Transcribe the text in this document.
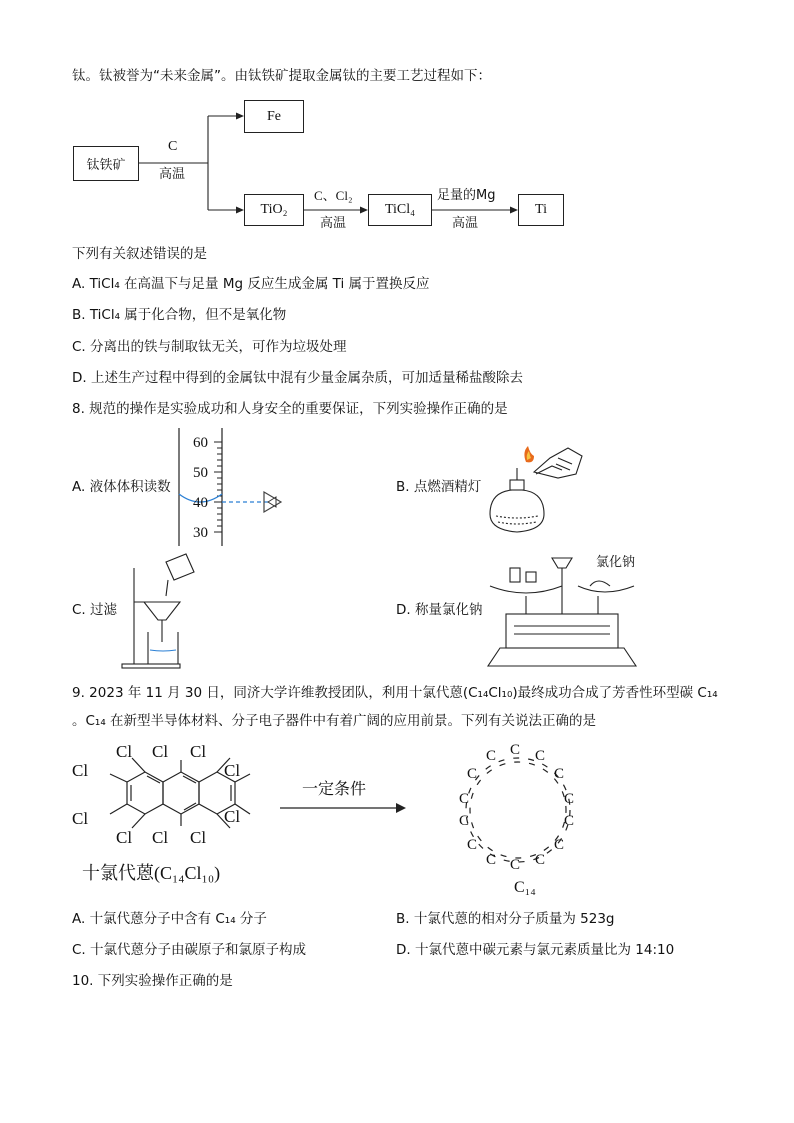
钛。钛被誉为“未来金属”。由钛铁矿提取金属钛的主要工艺过程如下：
钛铁矿
Fe
TiO₂	TiCl₄	Ti
C
高温
C、Cl₂
高温
足量的Mg
高温
下列有关叙述错误的是
A. TiCl₄ 在高温下与足量 Mg 反应生成金属 Ti 属于置换反应
B. TiCl₄ 属于化合物，但不是氧化物
C. 分离出的铁与制取钛无关，可作为垃圾处理
D. 上述生产过程中得到的金属钛中混有少量金属杂质，可加适量稀盐酸除去
8. 规范的操作是实验成功和人身安全的重要保证，下列实验操作正确的是
60
50
40
30
A. 液体体积读数	B. 点燃酒精灯
C. 过滤
氯化钠
D. 称量氯化钠
9. 2023 年 11 月 30 日，同济大学许维教授团队，利用十氯代蒽(C₁₄Cl₁₀)最终成功合成了芳香性环型碳 C₁₄
。C₁₄ 在新型半导体材料、分子电子器件中有着广阔的应用前景。下列有关说法正确的是
Cl Cl Cl
Cl	Cl
Cl	Cl
Cl Cl Cl
十氯代蒽(C₁₄Cl₁₀)
一定条件
C C
C
C
C
C
C
C
C
C
C
C
C C
C₁₄
A. 十氯代蒽分子中含有 C₁₄ 分子	B. 十氯代蒽的相对分子质量为 523g
C. 十氯代蒽分子由碳原子和氯原子构成	D. 十氯代蒽中碳元素与氯元素质量比为 14:10
10. 下列实验操作正确的是
